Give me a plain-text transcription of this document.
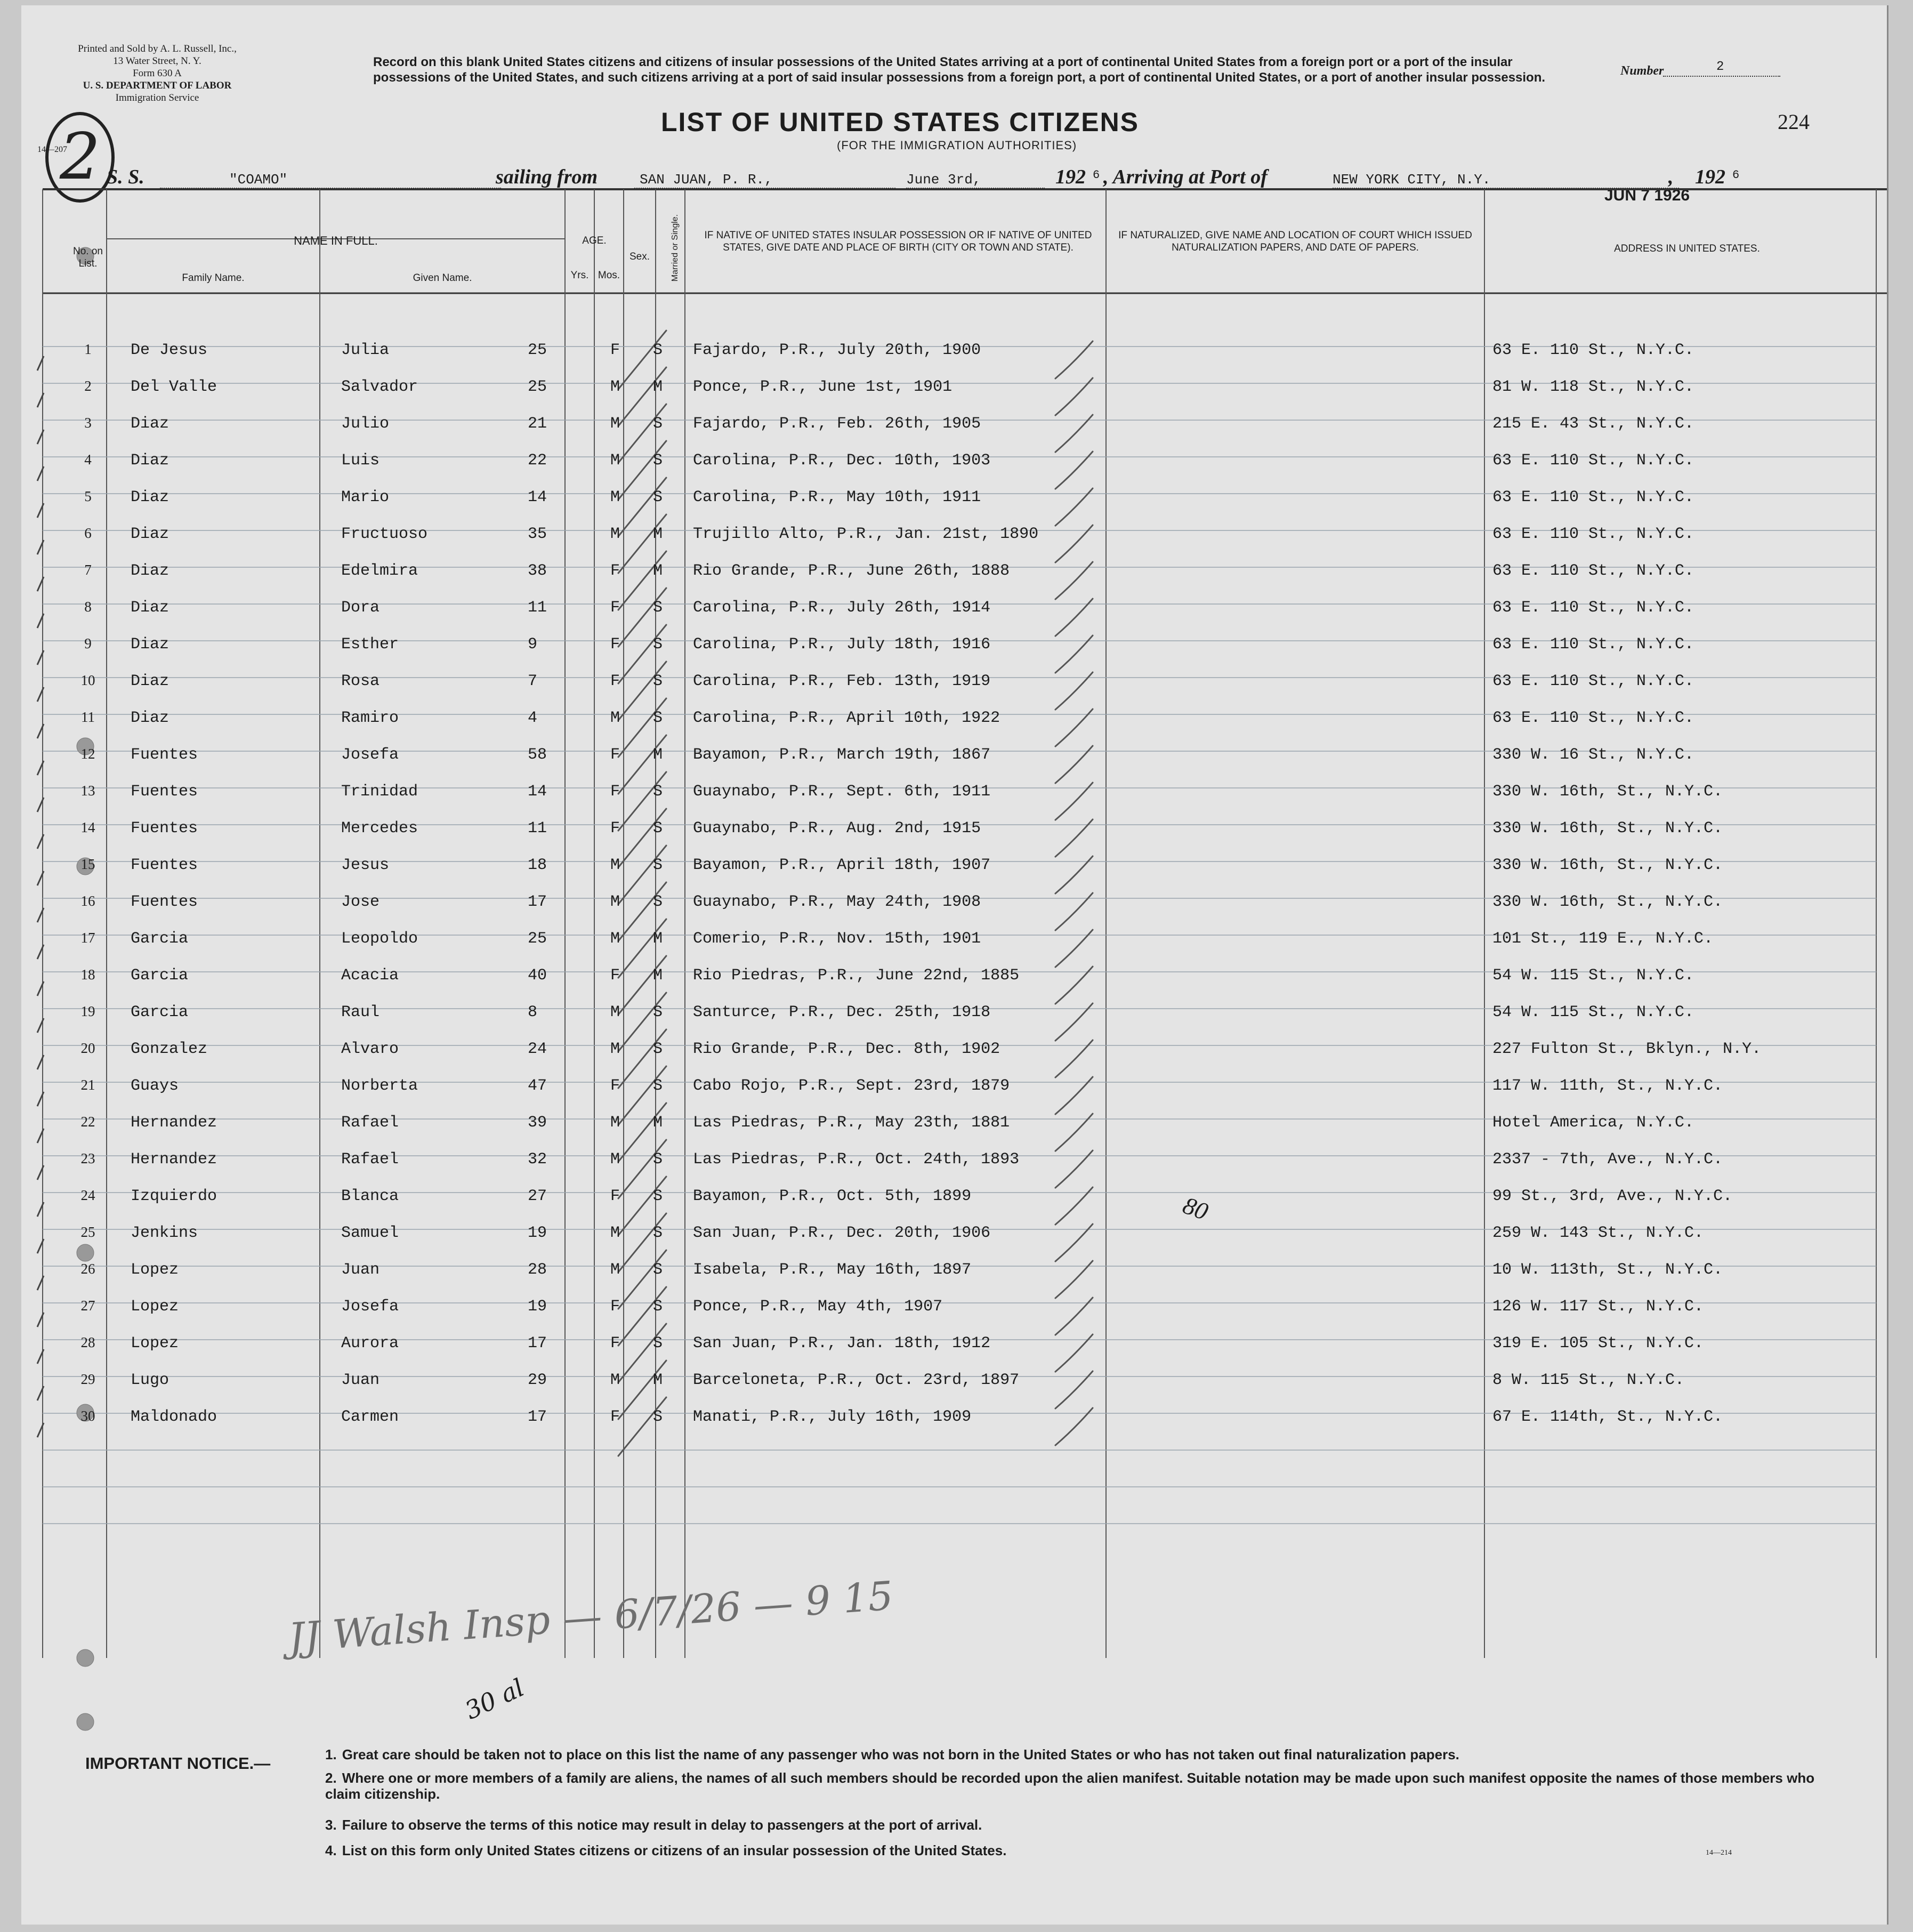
Printed and Sold by A. L. Russell, Inc.,
13 Water Street, N. Y.
Form 630 A
U. S. DEPARTMENT OF LABOR
Immigration Service
2
14—207
Record on this blank United States citizens and citizens of insular possessions of the United States arriving at a port of continental United States from a foreign port or a port of the insular possessions of the United States, and such citizens arriving at a port of said insular possessions from a foreign port, a port of continental United States, or a port of another insular possession.	Number	2
LIST OF UNITED STATES CITIZENS
(FOR THE IMMIGRATION AUTHORITIES)
224
S. S.	"COAMO"	sailing from	SAN JUAN, P. R.,	June 3rd,	192 6 , Arriving at Port of	NEW YORK CITY, N.Y.
JUN 7 1926
, 192 6
No. on List.
NAME IN FULL.
Family Name.	Given Name.
AGE.
Yrs. Mos.
Sex.	Married or Single.	IF NATIVE OF UNITED STATES INSULAR POSSESSION OR IF NATIVE OF UNITED STATES, GIVE DATE AND PLACE OF BIRTH (CITY OR TOWN AND STATE).
IF NATURALIZED, GIVE NAME AND LOCATION OF COURT WHICH ISSUED NATURALIZATION PAPERS, AND DATE OF PAPERS.	ADDRESS IN UNITED STATES.
1	De Jesus	Julia	25	F S Fajardo, P.R., July 20th, 1900	63 E. 110 St., N.Y.C.
2	Del Valle	Salvador	25	M M Ponce, P.R., June 1st, 1901	81 W. 118 St., N.Y.C.
3	Diaz	Julio	21	M S Fajardo, P.R., Feb. 26th, 1905	215 E. 43 St., N.Y.C.
4	Diaz	Luis	22	M S Carolina, P.R., Dec. 10th, 1903	63 E. 110 St., N.Y.C.
5	Diaz	Mario	14	M S Carolina, P.R., May 10th, 1911	63 E. 110 St., N.Y.C.
6	Diaz	Fructuoso	35	M M Trujillo Alto, P.R., Jan. 21st, 1890	63 E. 110 St., N.Y.C.
7	Diaz	Edelmira	38	F M Rio Grande, P.R., June 26th, 1888	63 E. 110 St., N.Y.C.
8	Diaz	Dora	11	F S Carolina, P.R., July 26th, 1914	63 E. 110 St., N.Y.C.
9	Diaz	Esther	9	F S Carolina, P.R., July 18th, 1916	63 E. 110 St., N.Y.C.
10	Diaz	Rosa	7	F S Carolina, P.R., Feb. 13th, 1919	63 E. 110 St., N.Y.C.
11	Diaz	Ramiro	4	M S Carolina, P.R., April 10th, 1922	63 E. 110 St., N.Y.C.
12	Fuentes	Josefa	58	F M Bayamon, P.R., March 19th, 1867	330 W. 16 St., N.Y.C.
13	Fuentes	Trinidad	14	F S Guaynabo, P.R., Sept. 6th, 1911	330 W. 16th, St., N.Y.C.
14	Fuentes	Mercedes	11	F S Guaynabo, P.R., Aug. 2nd, 1915	330 W. 16th, St., N.Y.C.
15	Fuentes	Jesus	18	M S Bayamon, P.R., April 18th, 1907	330 W. 16th, St., N.Y.C.
16	Fuentes	Jose	17	M S Guaynabo, P.R., May 24th, 1908	330 W. 16th, St., N.Y.C.
17	Garcia	Leopoldo	25	M M Comerio, P.R., Nov. 15th, 1901	101 St., 119 E., N.Y.C.
18	Garcia	Acacia	40	F M Rio Piedras, P.R., June 22nd, 1885	54 W. 115 St., N.Y.C.
19	Garcia	Raul	8	M S Santurce, P.R., Dec. 25th, 1918	54 W. 115 St., N.Y.C.
20	Gonzalez	Alvaro	24	M S Rio Grande, P.R., Dec. 8th, 1902	227 Fulton St., Bklyn., N.Y.
21	Guays	Norberta	47	F S Cabo Rojo, P.R., Sept. 23rd, 1879	117 W. 11th, St., N.Y.C.
22	Hernandez	Rafael	39	M M Las Piedras, P.R., May 23th, 1881	Hotel America, N.Y.C.
23	Hernandez	Rafael	32	M S Las Piedras, P.R., Oct. 24th, 1893	2337 - 7th, Ave., N.Y.C.
24	Izquierdo	Blanca	27	F S Bayamon, P.R., Oct. 5th, 1899	99 St., 3rd, Ave., N.Y.C.
25	Jenkins	Samuel	19	M S San Juan, P.R., Dec. 20th, 1906	259 W. 143 St., N.Y.C.
26	Lopez	Juan	28	M S Isabela, P.R., May 16th, 1897	10 W. 113th, St., N.Y.C.
27	Lopez	Josefa	19	F S Ponce, P.R., May 4th, 1907	126 W. 117 St., N.Y.C.
28	Lopez	Aurora	17	F S San Juan, P.R., Jan. 18th, 1912	319 E. 105 St., N.Y.C.
29	Lugo	Juan	29	M M Barceloneta, P.R., Oct. 23rd, 1897	8 W. 115 St., N.Y.C.
30	Maldonado	Carmen	17	F S Manati, P.R., July 16th, 1909	67 E. 114th, St., N.Y.C.
80
30 al
JJ Walsh Insp — 6/7/26 — 9 15
IMPORTANT NOTICE.—	1. Great care should be taken not to place on this list the name of any passenger who was not born in the United States or who has not taken out final naturalization papers.
2. Where one or more members of a family are aliens, the names of all such members should be recorded upon the alien manifest. Suitable notation may be made upon such manifest opposite the names of those members who claim citizenship.
3. Failure to observe the terms of this notice may result in delay to passengers at the port of arrival.
4. List on this form only United States citizens or citizens of an insular possession of the United States.	14—214
